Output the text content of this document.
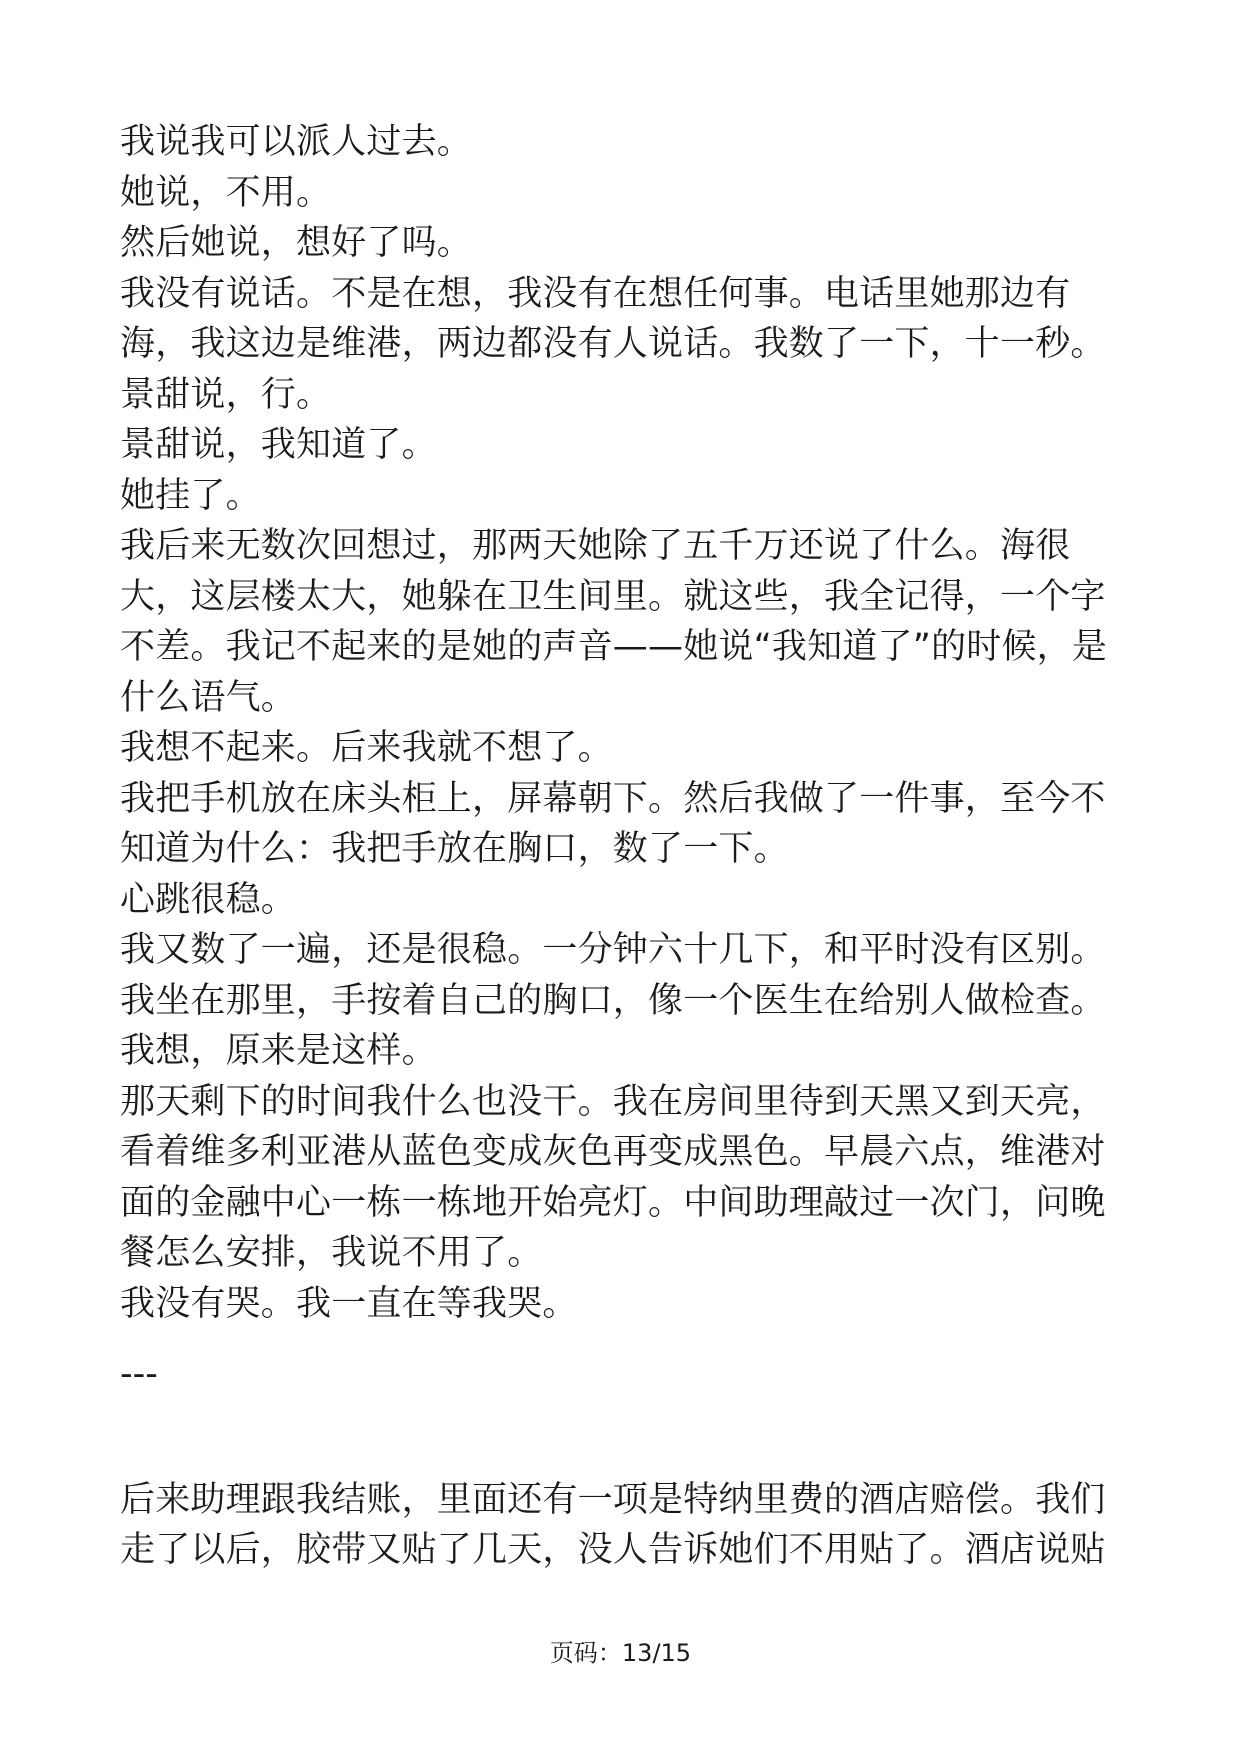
我说我可以派人过去。

她说，不用。

然后她说，想好了吗。

我没有说话。不是在想，我没有在想任何事。电话里她那边有海，我这边是维港，两边都没有人说话。我数了一下，十一秒。

景甜说，行。

景甜说，我知道了。

她挂了。

我后来无数次回想过，那两天她除了五千万还说了什么。海很大，这层楼太大，她躲在卫生间里。就这些，我全记得，一个字不差。我记不起来的是她的声音——她说“我知道了”的时候，是什么语气。

我想不起来。后来我就不想了。

我把手机放在床头柜上，屏幕朝下。然后我做了一件事，至今不知道为什么：我把手放在胸口，数了一下。

心跳很稳。

我又数了一遍，还是很稳。一分钟六十几下，和平时没有区别。我坐在那里，手按着自己的胸口，像一个医生在给别人做检查。

我想，原来是这样。

那天剩下的时间我什么也没干。我在房间里待到天黑又到天亮，看着维多利亚港从蓝色变成灰色再变成黑色。早晨六点，维港对面的金融中心一栋一栋地开始亮灯。中间助理敲过一次门，问晚餐怎么安排，我说不用了。

我没有哭。我一直在等我哭。

---

后来助理跟我结账，里面还有一项是特纳里费的酒店赔偿。我们走了以后，胶带又贴了几天，没人告诉她们不用贴了。酒店说贴

页码：13/15
